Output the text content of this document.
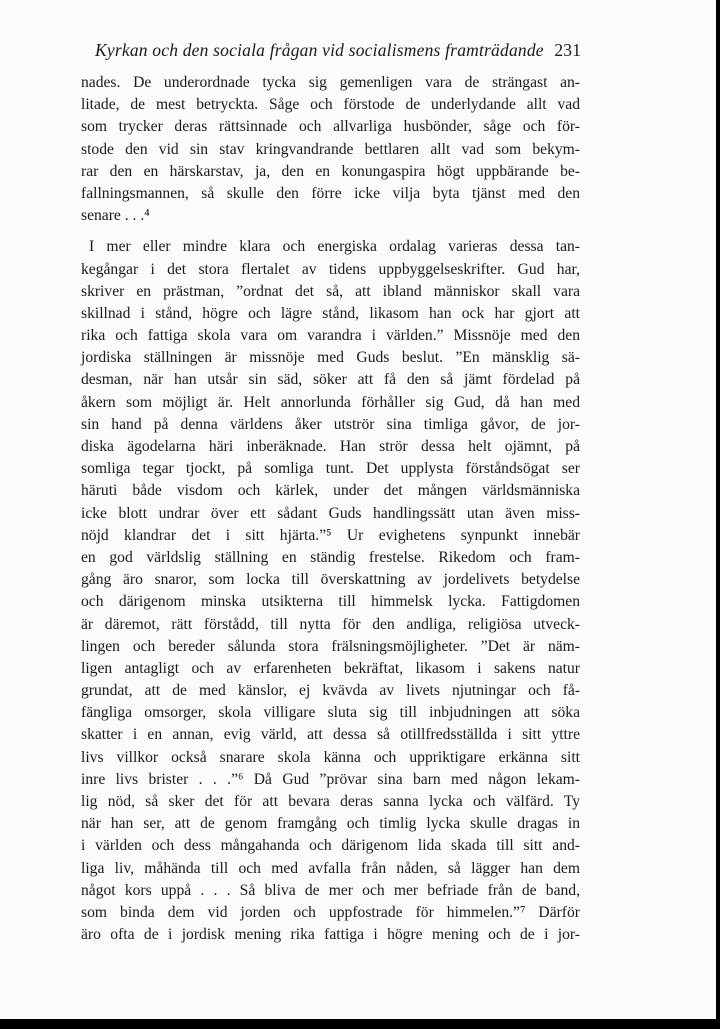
Kyrkan och den sociala frågan vid socialismens framträdande 231
nades. De underordnade tycka sig gemenligen vara de strängast an-
litade, de mest betryckta. Såge och förstode de underlydande allt vad
som trycker deras rättsinnade och allvarliga husbönder, såge och för-
stode den vid sin stav kringvandrande bettlaren allt vad som bekym-
rar den en härskarstav, ja, den en konungaspira högt uppbärande be-
fallningsmannen, så skulle den förre icke vilja byta tjänst med den
senare . . .⁴
I mer eller mindre klara och energiska ordalag varieras dessa tan-
kegångar i det stora flertalet av tidens uppbyggelseskrifter. Gud har,
skriver en prästman, ”ordnat det så, att ibland människor skall vara
skillnad i stånd, högre och lägre stånd, likasom han ock har gjort att
rika och fattiga skola vara om varandra i världen.” Missnöje med den
jordiska ställningen är missnöje med Guds beslut. ”En mänsklig sä-
desman, när han utsår sin säd, söker att få den så jämt fördelad på
åkern som möjligt är. Helt annorlunda förhåller sig Gud, då han med
sin hand på denna världens åker utströr sina timliga gåvor, de jor-
diska ägodelarna häri inberäknade. Han strör dessa helt ojämnt, på
somliga tegar tjockt, på somliga tunt. Det upplysta förståndsögat ser
häruti både visdom och kärlek, under det mången världsmänniska
icke blott undrar över ett sådant Guds handlingssätt utan även miss-
nöjd klandrar det i sitt hjärta.”⁵ Ur evighetens synpunkt innebär
en god världslig ställning en ständig frestelse. Rikedom och fram-
gång äro snaror, som locka till överskattning av jordelivets betydelse
och därigenom minska utsikterna till himmelsk lycka. Fattigdomen
är däremot, rätt förstådd, till nytta för den andliga, religiösa utveck-
lingen och bereder sålunda stora frälsningsmöjligheter. ”Det är näm-
ligen antagligt och av erfarenheten bekräftat, likasom i sakens natur
grundat, att de med känslor, ej kvävda av livets njutningar och få-
fängliga omsorger, skola villigare sluta sig till inbjudningen att söka
skatter i en annan, evig värld, att dessa så otillfredsställda i sitt yttre
livs villkor också snarare skola känna och uppriktigare erkänna sitt
inre livs brister . . .”⁶ Då Gud ”prövar sina barn med någon lekam-
lig nöd, så sker det för att bevara deras sanna lycka och välfärd. Ty
när han ser, att de genom framgång och timlig lycka skulle dragas in
i världen och dess mångahanda och därigenom lida skada till sitt and-
liga liv, måhända till och med avfalla från nåden, så lägger han dem
något kors uppå . . . Så bliva de mer och mer befriade från de band,
som binda dem vid jorden och uppfostrade för himmelen.”⁷ Därför
äro ofta de i jordisk mening rika fattiga i högre mening och de i jor-
